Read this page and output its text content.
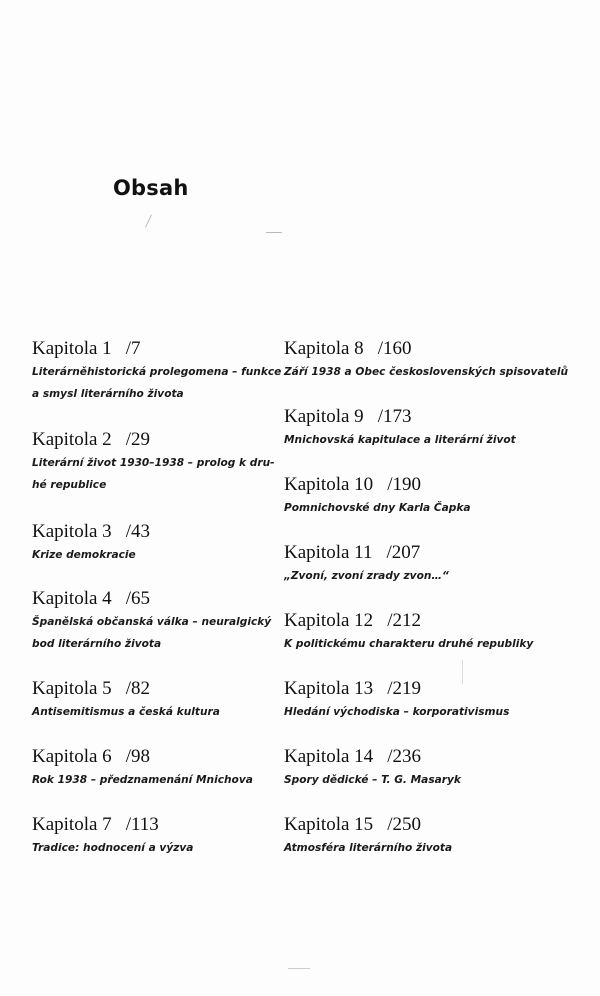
Obsah
Kapitola 1 /7
Literárněhistorická prolegomena – funkce
a smysl literárního života
Kapitola 2 /29
Literární život 1930–1938 – prolog k dru-
hé republice
Kapitola 3 /43
Krize demokracie
Kapitola 4 /65
Španělská občanská válka – neuralgický
bod literárního života
Kapitola 5 /82
Antisemitismus a česká kultura
Kapitola 6 /98
Rok 1938 – předznamenání Mnichova
Kapitola 7 /113
Tradice: hodnocení a výzva
Kapitola 8 /160
Září 1938 a Obec československých spisovatelů
Kapitola 9 /173
Mnichovská kapitulace a literární život
Kapitola 10 /190
Pomnichovské dny Karla Čapka
Kapitola 11 /207
„Zvoní, zvoní zrady zvon…“
Kapitola 12 /212
K politickému charakteru druhé republiky
Kapitola 13 /219
Hledání východiska – korporativismus
Kapitola 14 /236
Spory dědické – T. G. Masaryk
Kapitola 15 /250
Atmosféra literárního života
